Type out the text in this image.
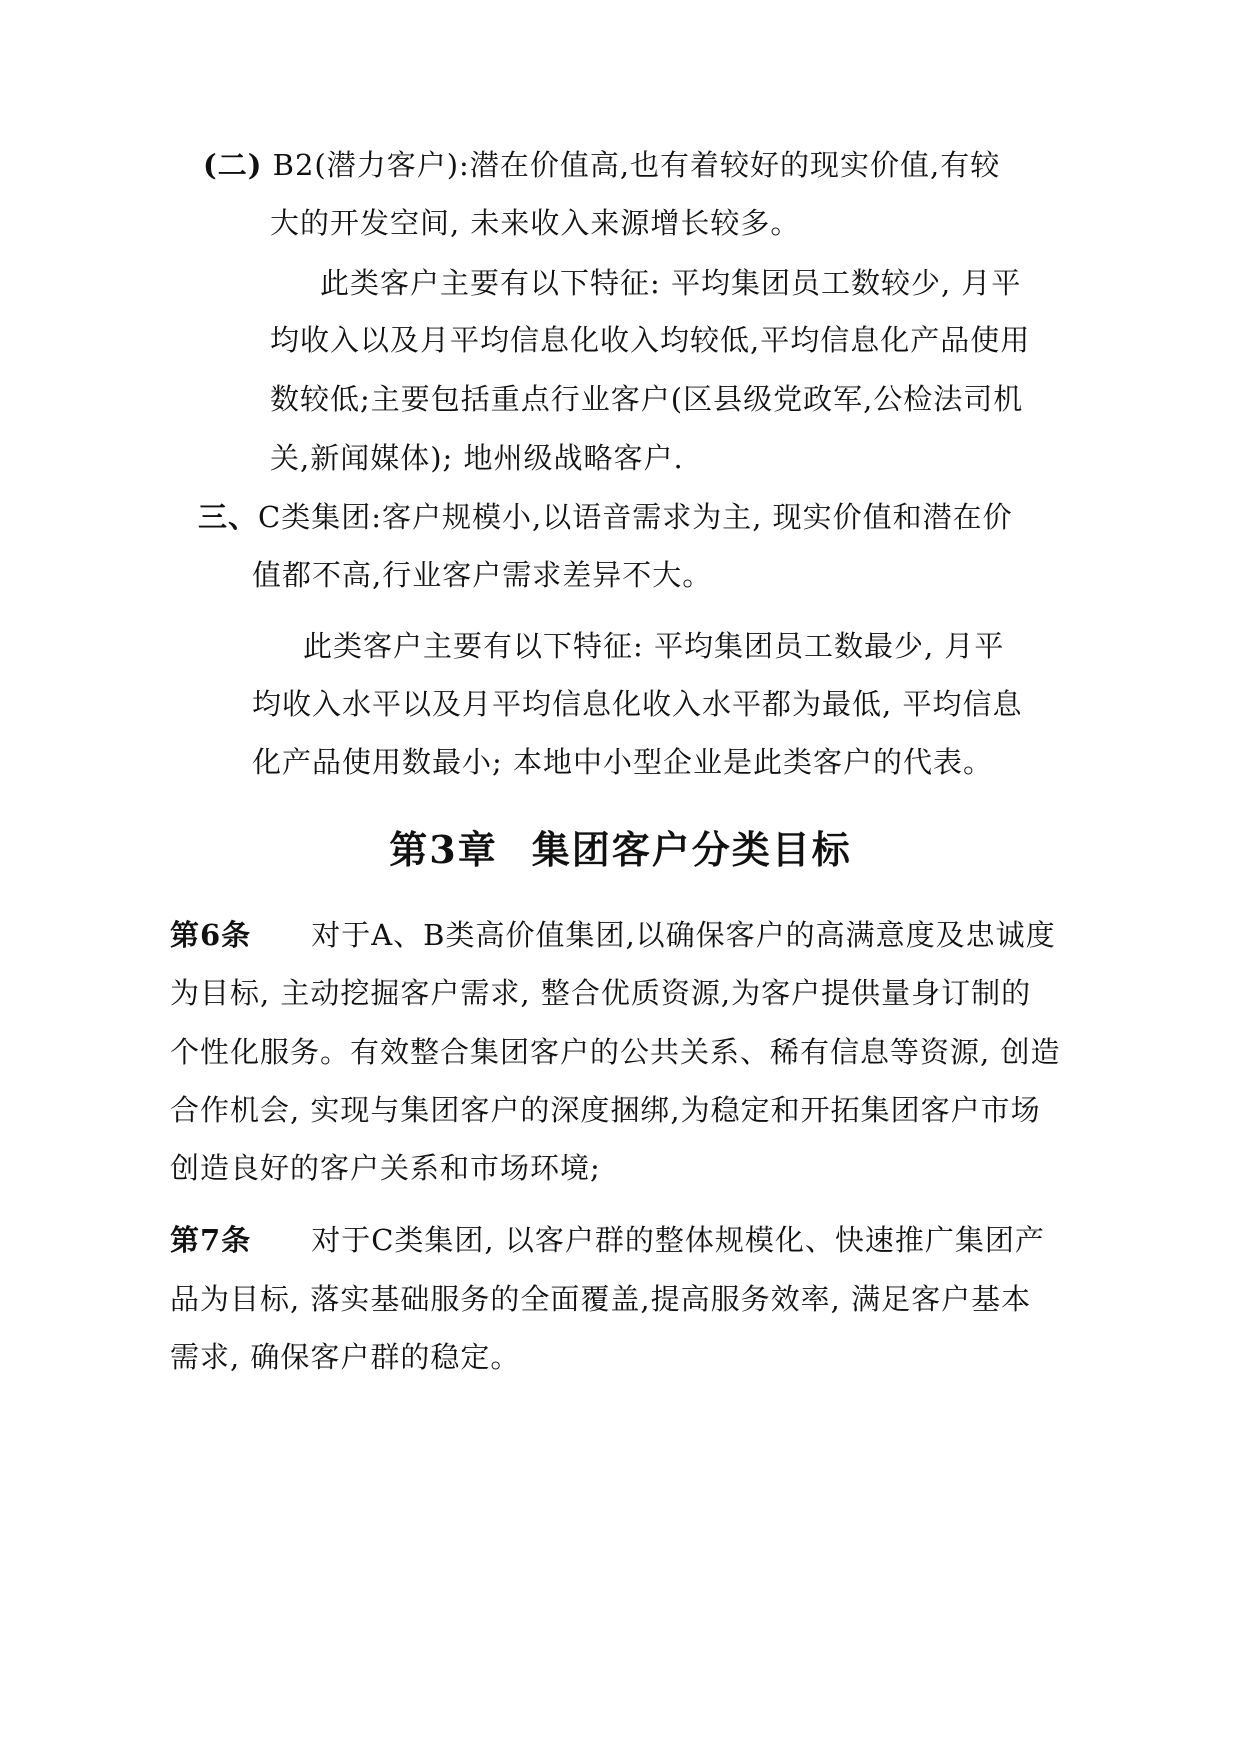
(二) B2(潜力客户):潜在价值高,也有着较好的现实价值,有较

大的开发空间, 未来收入来源增长较多。

此类客户主要有以下特征: 平均集团员工数较少, 月平

均收入以及月平均信息化收入均较低,平均信息化产品使用

数较低;主要包括重点行业客户(区县级党政军,公检法司机

关,新闻媒体); 地州级战略客户.

三、C类集团:客户规模小,以语音需求为主, 现实价值和潜在价

值都不高,行业客户需求差异不大。

此类客户主要有以下特征: 平均集团员工数最少, 月平

均收入水平以及月平均信息化收入水平都为最低, 平均信息

化产品使用数最小; 本地中小型企业是此类客户的代表。

第3章 集团客户分类目标

第6条 对于A、B类高价值集团,以确保客户的高满意度及忠诚度

为目标, 主动挖掘客户需求, 整合优质资源,为客户提供量身订制的

个性化服务。有效整合集团客户的公共关系、稀有信息等资源, 创造

合作机会, 实现与集团客户的深度捆绑,为稳定和开拓集团客户市场

创造良好的客户关系和市场环境;

第7条 对于C类集团, 以客户群的整体规模化、快速推广集团产

品为目标, 落实基础服务的全面覆盖,提高服务效率, 满足客户基本

需求, 确保客户群的稳定。
